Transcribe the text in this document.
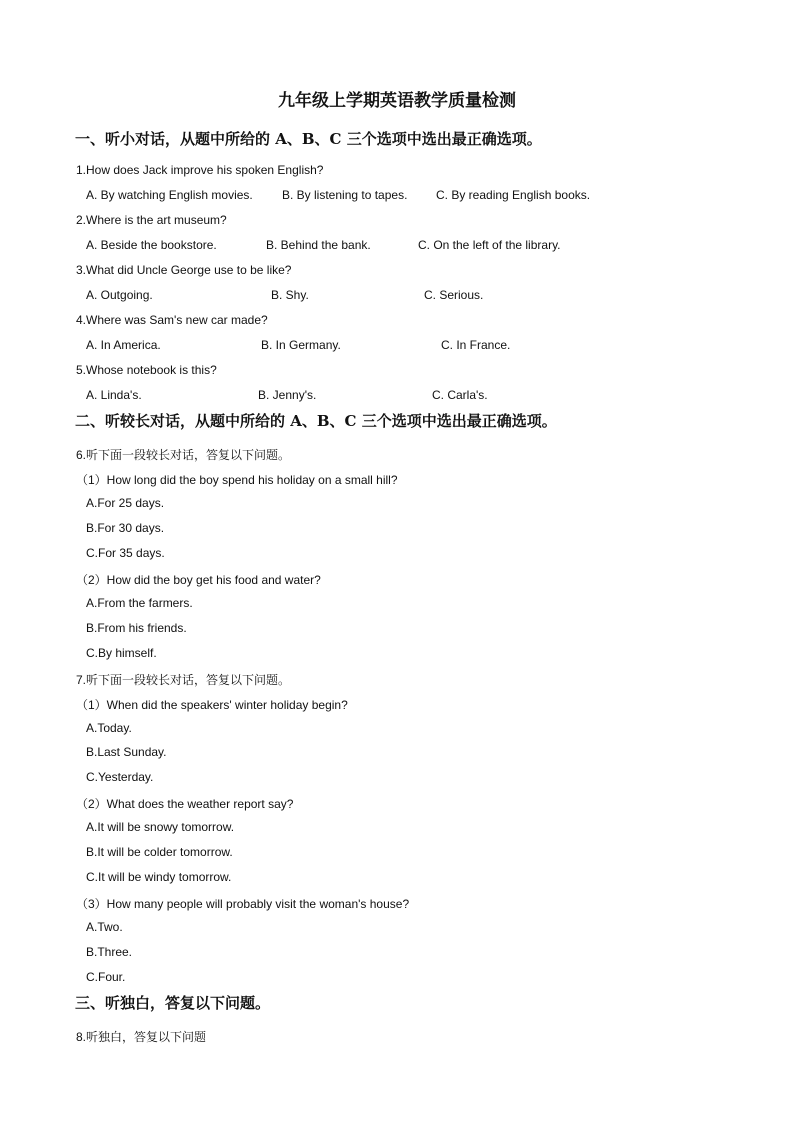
九年级上学期英语教学质量检测
一、听小对话，从题中所给的 A、B、C 三个选项中选出最正确选项。
1.How does Jack improve his spoken English?
A. By watching English movies. B. By listening to tapes. C. By reading English books.
2.Where is the art museum?
A. Beside the bookstore.	B. Behind the bank.	C. On the left of the library.
3.What did Uncle George use to be like?
A. Outgoing.	B. Shy.	C. Serious.
4.Where was Sam's new car made?
A. In America.	B. In Germany.	C. In France.
5.Whose notebook is this?
A. Linda's.	B. Jenny's.	C. Carla's.
二、听较长对话，从题中所给的 A、B、C 三个选项中选出最正确选项。
6.听下面一段较长对话，答复以下问题。
（1）How long did the boy spend his holiday on a small hill?
A.For 25 days.
B.For 30 days.
C.For 35 days.
（2）How did the boy get his food and water?
A.From the farmers.
B.From his friends.
C.By himself.
7.听下面一段较长对话，答复以下问题。
（1）When did the speakers' winter holiday begin?
A.Today.
B.Last Sunday.
C.Yesterday.
（2）What does the weather report say?
A.It will be snowy tomorrow.
B.It will be colder tomorrow.
C.It will be windy tomorrow.
（3）How many people will probably visit the woman's house?
A.Two.
B.Three.
C.Four.
三、听独白，答复以下问题。
8.听独白，答复以下问题
